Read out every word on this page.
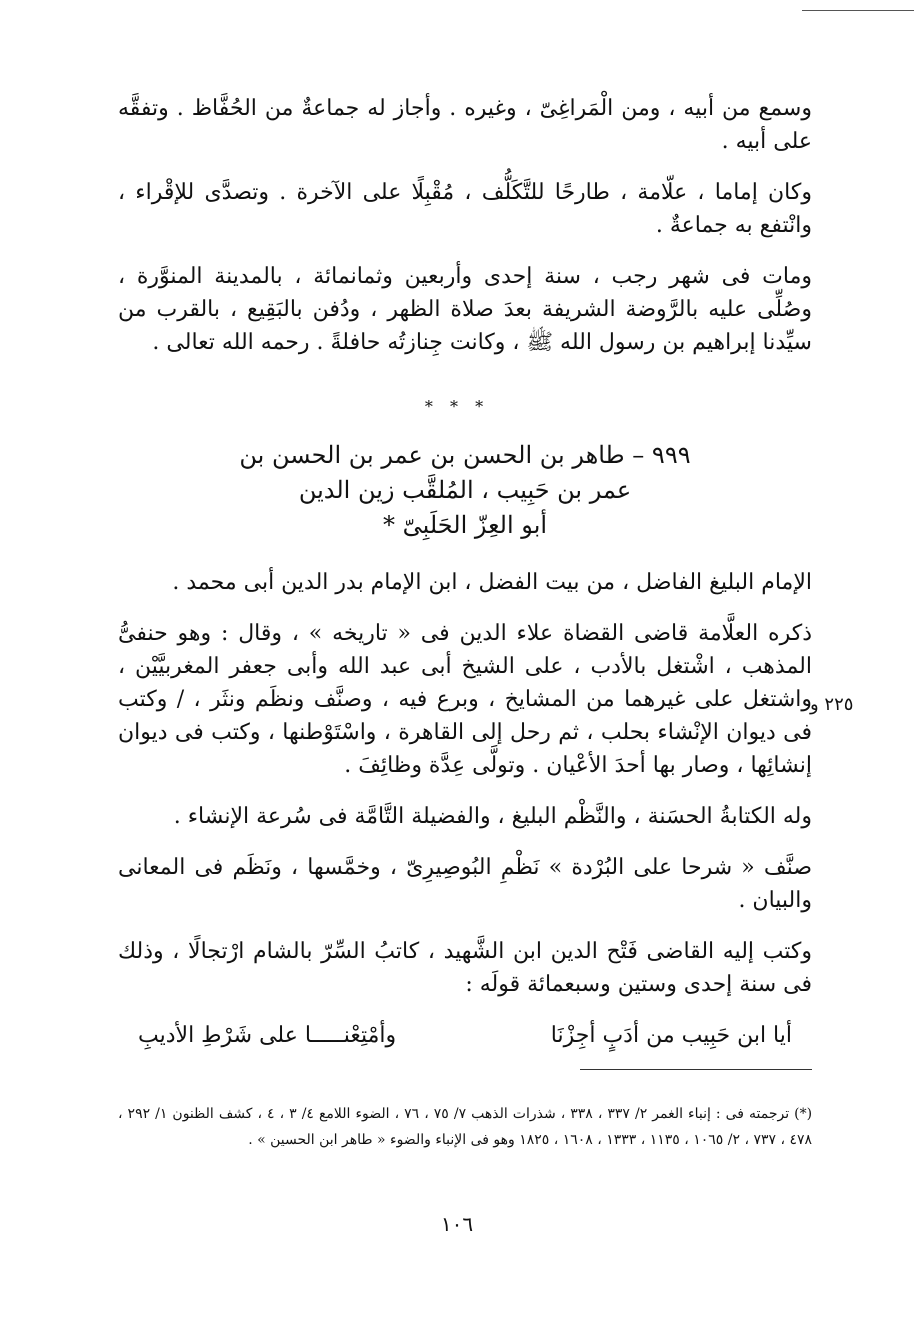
وسمع من أبيه ، ومن الْمَراغِىّ ، وغيره . وأجاز له جماعةٌ من الحُفَّاظ . وتفقَّه على أبيه .

وكان إماما ، علّامة ، طارحًا للتَّكَلُّف ، مُقْبِلًا على الآخرة . وتصدَّى للإقْراء ، وانْتفع به جماعةٌ .

ومات فى شهر رجب ، سنة إحدى وأربعين وثمانمائة ، بالمدينة المنوَّرة ، وصُلِّى عليه بالرَّوضة الشريفة بعدَ صلاة الظهر ، ودُفن بالبَقِيع ، بالقرب من سيِّدنا إبراهيم بن رسول الله ﷺ ، وكانت جِنازتُه حافلةً . رحمه الله تعالى .

* * *
٩٩٩ – طاهر بن الحسن بن عمر بن الحسن بن
عمر بن حَبِيب ، المُلقَّب زين الدين
أبو العِزّ الحَلَبِىّ *

الإمام البليغ الفاضل ، من بيت الفضل ، ابن الإمام بدر الدين أبى محمد .

ذكره العلَّامة قاضى القضاة علاء الدين فى « تاريخه » ، وقال : وهو حنفىُّ المذهب ، اشْتغل بالأدب ، على الشيخ أبى عبد الله وأبى جعفر المغربيَّيْن ، واشتغل على غيرهما من المشايخ ، وبرع فيه ، وصنَّف ونظَم ونثَر ، / وكتب فى ديوان الإنْشاء بحلب ، ثم رحل إلى القاهرة ، واسْتَوْطنها ، وكتب فى ديوان إنشائِها ، وصار بها أحدَ الأعْيان . وتولَّى عِدَّة وظائِفَ .

وله الكتابةُ الحسَنة ، والنَّظْم البليغ ، والفضيلة التَّامَّة فى سُرعة الإنشاء .

صنَّف « شرحا على البُرْدة » نَظْمِ البُوصِيرِىّ ، وخمَّسها ، ونَظَم فى المعانى والبيان .

وكتب إليه القاضى فَتْح الدين ابن الشَّهيد ، كاتبُ السِّرّ بالشام ارْتجالًا ، وذلك فى سنة إحدى وستين وسبعمائة قولَه :

أيا ابن حَبِيب من أدَبٍ أجِزْنَا
وأمْتِعْنـــــا على شَرْطِ الأديبِ
٢٢٥ و
(*) ترجمته فى : إنباء الغمر ٢/ ٣٣٧ ، ٣٣٨ ، شذرات الذهب ٧/ ٧٥ ، ٧٦ ، الضوء اللامع ٤/ ٣ ، ٤ ، كشف الظنون ١/ ٢٩٢ ، ٤٧٨ ، ٧٣٧ ، ٢/ ١٠٦٥ ، ١١٣٥ ، ١٣٣٣ ، ١٦٠٨ ، ١٨٢٥ وهو فى الإنباء والضوء « طاهر ابن الحسين » .
١٠٦
